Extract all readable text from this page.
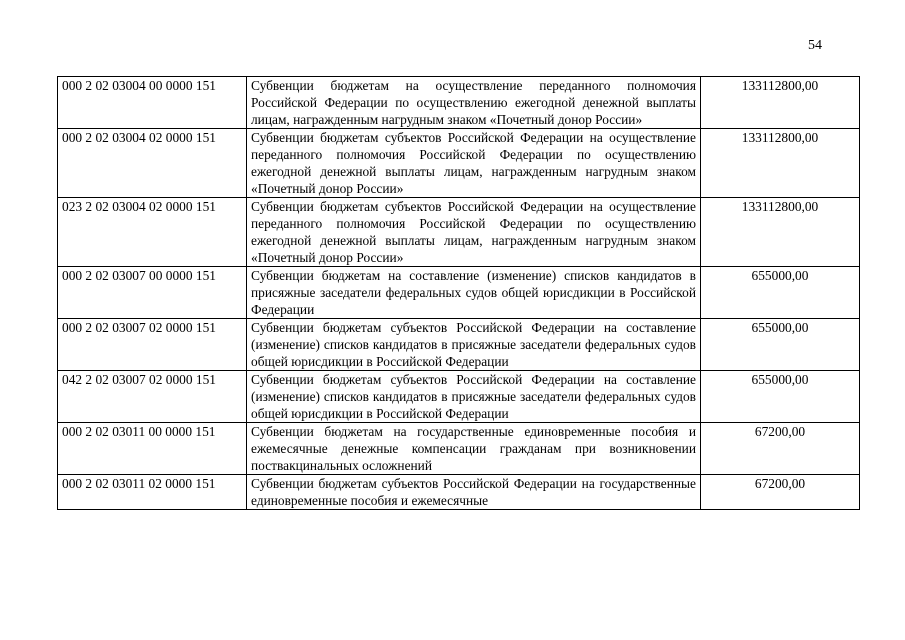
54
000 2 02 03004 00 0000 151	Субвенции бюджетам на осуществление переданного полномочия Российской Федерации по осуществлению ежегодной денежной выплаты лицам, награжденным нагрудным знаком «Почетный донор России»	133112800,00
000 2 02 03004 02 0000 151	Субвенции бюджетам субъектов Российской Федерации на осуществление переданного полномочия Российской Федерации по осуществлению ежегодной денежной выплаты лицам, награжденным нагрудным знаком «Почетный донор России»	133112800,00
023 2 02 03004 02 0000 151	Субвенции бюджетам субъектов Российской Федерации на осуществление переданного полномочия Российской Федерации по осуществлению ежегодной денежной выплаты лицам, награжденным нагрудным знаком «Почетный донор России»	133112800,00
000 2 02 03007 00 0000 151	Субвенции бюджетам на составление (изменение) списков кандидатов в присяжные заседатели федеральных судов общей юрисдикции в Российской Федерации	655000,00
000 2 02 03007 02 0000 151	Субвенции бюджетам субъектов Российской Федерации на составление (изменение) списков кандидатов в присяжные заседатели федеральных судов общей юрисдикции в Российской Федерации	655000,00
042 2 02 03007 02 0000 151	Субвенции бюджетам субъектов Российской Федерации на составление (изменение) списков кандидатов в присяжные заседатели федеральных судов общей юрисдикции в Российской Федерации	655000,00
000 2 02 03011 00 0000 151	Субвенции бюджетам на государственные единовременные пособия и ежемесячные денежные компенсации гражданам при возникновении поствакцинальных осложнений	67200,00
000 2 02 03011 02 0000 151	Субвенции бюджетам субъектов Российской Федерации на государственные единовременные пособия и ежемесячные	67200,00
